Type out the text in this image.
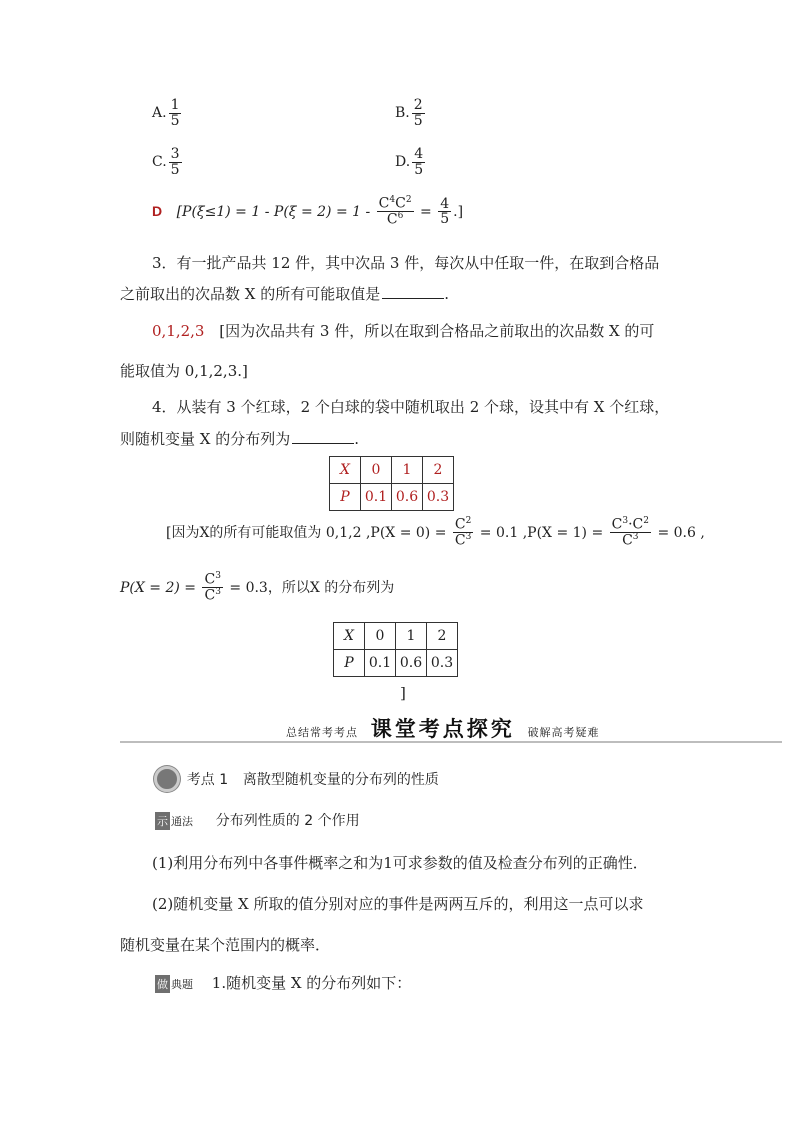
A. $\frac{1}{5}$	B. $\frac{2}{5}$
C. $\frac{3}{5}$	D. $\frac{4}{5}$
D [$P(\xi\le 1) = 1 - P(\xi = 2) = 1 - \frac{C^4C^2}{C^6} = \frac{4}{5}$ .]
3．有一批产品共 12 件，其中次品 3 件，每次从中任取一件，在取到合格品
之前取出的次品数 X 的所有可能取值是	.
0,1,2,3 [因为次品共有 3 件，所以在取到合格品之前取出的次品数 X 的可
能取值为 0,1,2,3.]
4．从装有 3 个红球，2 个白球的袋中随机取出 2 个球，设其中有 X 个红球，
则随机变量 X 的分布列为	.
X	0	1	2
P	0.1	0.6	0.3
[因为X的所有可能取值为 0,1,2 $,P(X = 0) = \frac{C^2}{C^3} = 0.1$ $,P(X = 1) = \frac{C^3\cdot C^2}{C^3} = 0.6$ ,
$P(X = 2) = \frac{C^3}{C^3} = 0.3$，所以X 的分布列为
X	0	1	2
P	0.1	0.6	0.3
]
总结常考考点 课堂考点探究 破解高考疑难
考点 1 离散型随机变量的分布列的性质
示 通法 分布列性质的 2 个作用
(1)利用分布列中各事件概率之和为1可求参数的值及检查分布列的正确性．
(2)随机变量 X 所取的值分别对应的事件是两两互斥的，利用这一点可以求
随机变量在某个范围内的概率．
做 典题 1.随机变量 X 的分布列如下：
